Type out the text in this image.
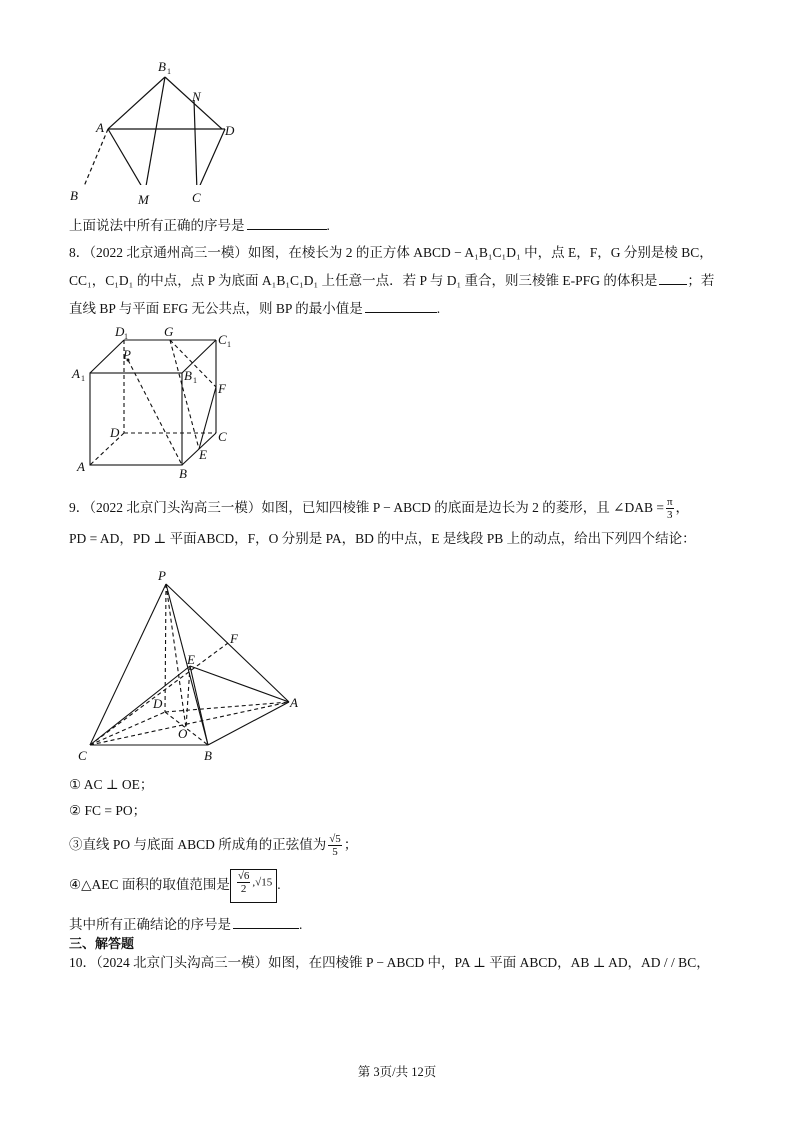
B 1
N
A	D
B	M	C
上面说法中所有正确的序号是	.
8．（2022 北京通州高三一模）如图，在棱长为 2 的正方体 ABCD − A₁B₁C₁D₁ 中，点 E，F，G 分别是棱 BC，
CC₁，C₁D₁ 的中点，点 P 为底面 A₁B₁C₁D₁ 上任意一点．若 P 与 D₁ 重合，则三棱锥 E-PFG 的体积是 ；若
直线 BP 与平面 EFG 无公共点，则 BP 的最小值是	.
D 1	G
C 1
A 1
P
B 1
F
D	C
E
A	B
9．（2022 北京门头沟高三一模）如图，已知四棱锥 P − ABCD 的底面是边长为 2 的菱形，且 ∠DAB = $\frac{\pi}{3}$ ，
PD = AD，PD ⊥ 平面ABCD，F，O 分别是 PA，BD 的中点，E 是线段 PB 上的动点，给出下列四个结论：
P
F
E
D	A
O
C	B
① AC ⊥ OE；
② FC = PO；
③直线 PO 与底面 ABCD 所成角的正弦值为 $\frac{√5}{5}$ ；
④△AEC 面积的取值范围是 $\frac{√6}{2} ,√15$ .
其中所有正确结论的序号是	.
三、解答题
10．（2024 北京门头沟高三一模）如图，在四棱锥 P − ABCD 中，PA ⊥ 平面 ABCD，AB ⊥ AD，AD / / BC，
第 3页/共 12页
